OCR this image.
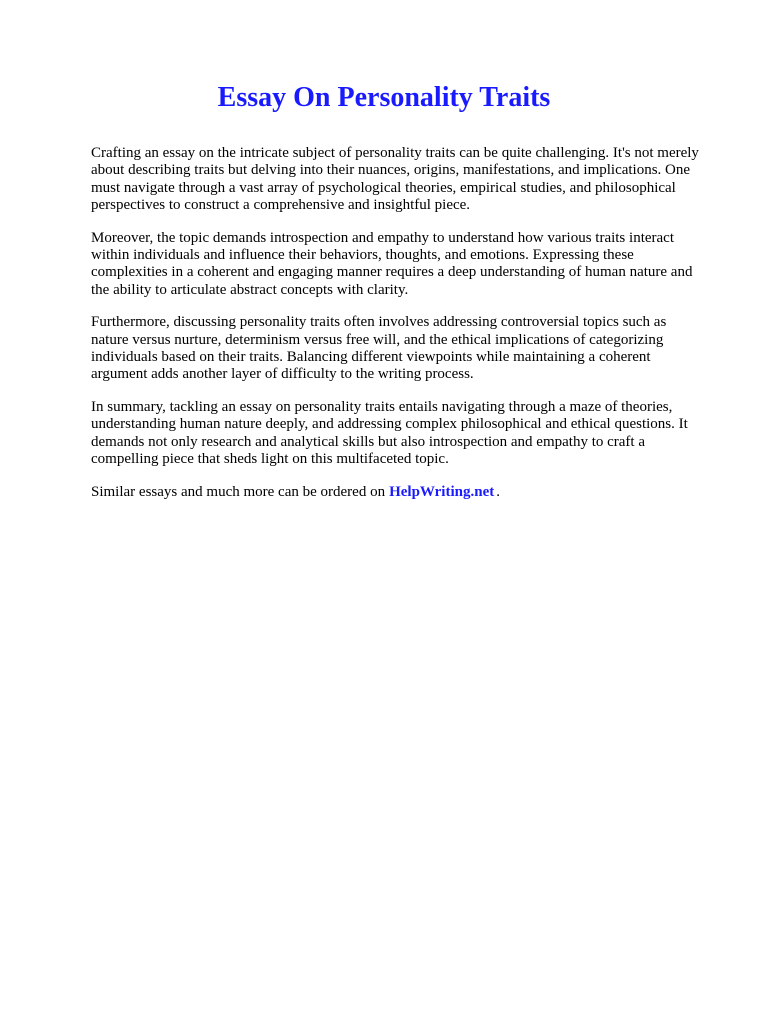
Essay On Personality Traits

Crafting an essay on the intricate subject of personality traits can be quite challenging. It's not merely
about describing traits but delving into their nuances, origins, manifestations, and implications. One
must navigate through a vast array of psychological theories, empirical studies, and philosophical
perspectives to construct a comprehensive and insightful piece.

Moreover, the topic demands introspection and empathy to understand how various traits interact
within individuals and influence their behaviors, thoughts, and emotions. Expressing these
complexities in a coherent and engaging manner requires a deep understanding of human nature and
the ability to articulate abstract concepts with clarity.

Furthermore, discussing personality traits often involves addressing controversial topics such as
nature versus nurture, determinism versus free will, and the ethical implications of categorizing
individuals based on their traits. Balancing different viewpoints while maintaining a coherent
argument adds another layer of difficulty to the writing process.

In summary, tackling an essay on personality traits entails navigating through a maze of theories,
understanding human nature deeply, and addressing complex philosophical and ethical questions. It
demands not only research and analytical skills but also introspection and empathy to craft a
compelling piece that sheds light on this multifaceted topic.

Similar essays and much more can be ordered on HelpWriting.net .
